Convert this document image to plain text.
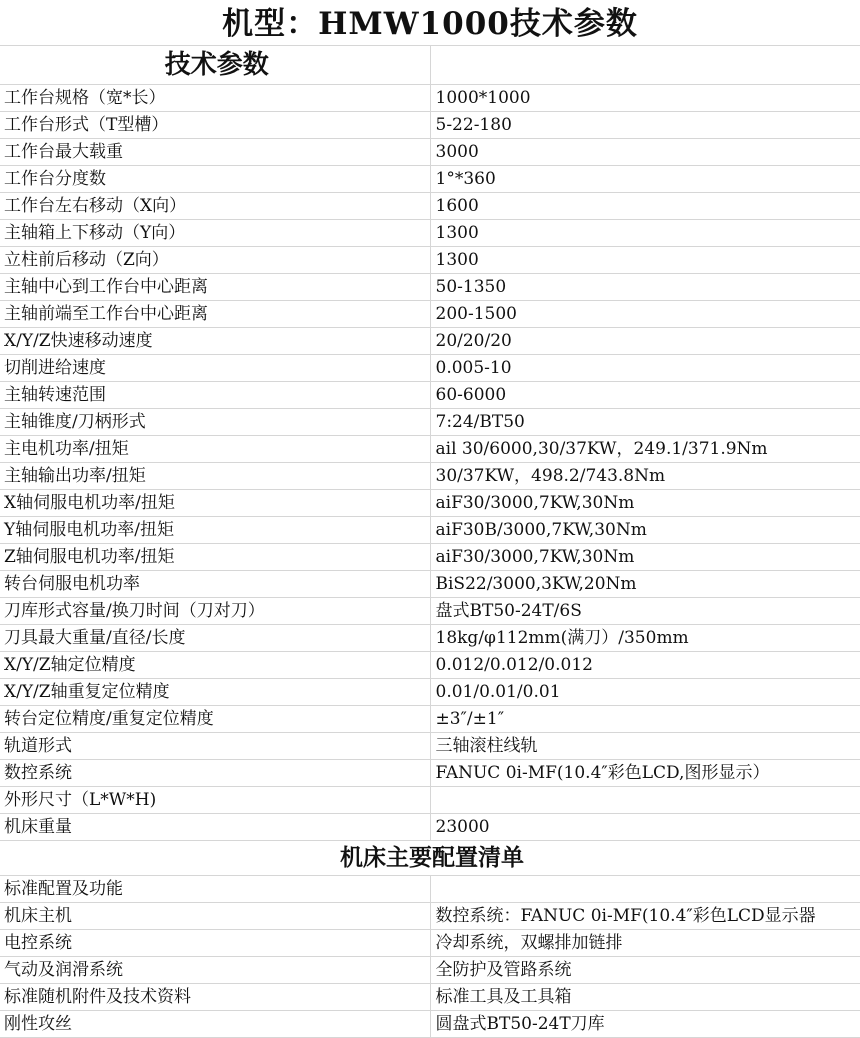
机型：HMW1000技术参数
技术参数	
工作台规格（宽*长）	1000*1000
工作台形式（T型槽）	5-22-180
工作台最大载重	3000
工作台分度数	1°*360
工作台左右移动（X向）	1600
主轴箱上下移动（Y向）	1300
立柱前后移动（Z向）	1300
主轴中心到工作台中心距离	50-1350
主轴前端至工作台中心距离	200-1500
X/Y/Z快速移动速度	20/20/20
切削进给速度	0.005-10
主轴转速范围	60-6000
主轴锥度/刀柄形式	7:24/BT50
主电机功率/扭矩	ail 30/6000,30/37KW，249.1/371.9Nm
主轴输出功率/扭矩	30/37KW，498.2/743.8Nm
X轴伺服电机功率/扭矩	aiF30/3000,7KW,30Nm
Y轴伺服电机功率/扭矩	aiF30B/3000,7KW,30Nm
Z轴伺服电机功率/扭矩	aiF30/3000,7KW,30Nm
转台伺服电机功率	ΒiS22/3000,3KW,20Nm
刀库形式容量/换刀时间（刀对刀）	盘式BT50-24T/6S
刀具最大重量/直径/长度	18kg/φ112mm(满刀）/350mm
X/Y/Z轴定位精度	0.012/0.012/0.012
X/Y/Z轴重复定位精度	0.01/0.01/0.01
转台定位精度/重复定位精度	±3″/±1″
轨道形式	三轴滚柱线轨
数控系统	FANUC 0i-MF(10.4″彩色LCD,图形显示）
外形尺寸（L*W*H)	
机床重量	23000
机床主要配置清单	
标准配置及功能	
机床主机	数控系统：FANUC 0i-MF(10.4″彩色LCD显示器
电控系统	冷却系统，双螺排加链排
气动及润滑系统	全防护及管路系统
标准随机附件及技术资料	标准工具及工具箱
刚性攻丝	圆盘式BT50-24T刀库
